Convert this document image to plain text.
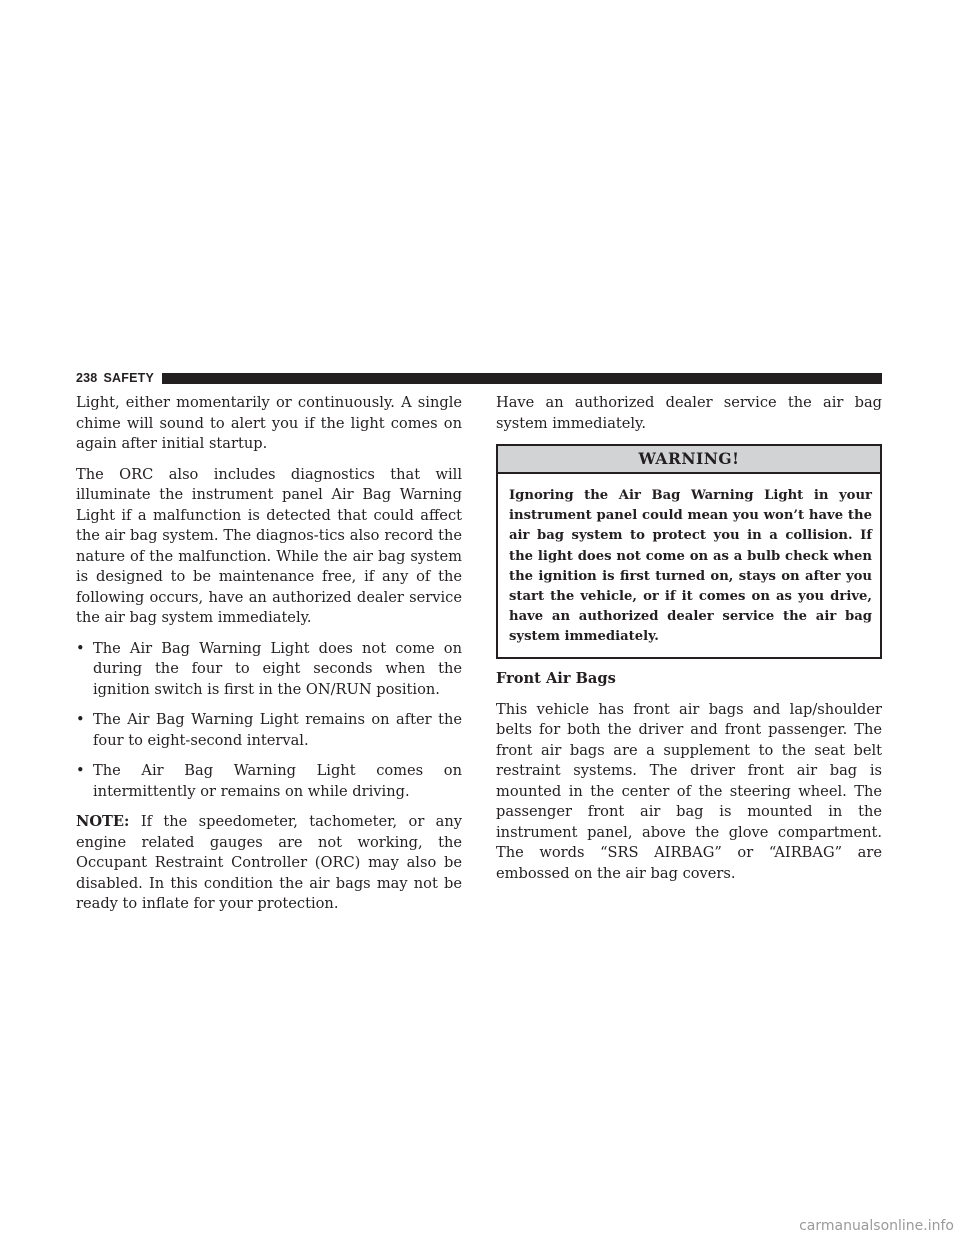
238 SAFETY

Light, either momentarily or continuously. A single chime will sound to alert you if the light comes on again after initial startup.

The ORC also includes diagnostics that will illuminate the instrument panel Air Bag Warning Light if a malfunction is detected that could affect the air bag system. The diagnos-tics also record the nature of the malfunction. While the air bag system is designed to be maintenance free, if any of the following occurs, have an authorized dealer service the air bag system immediately.

• The Air Bag Warning Light does not come on during the four to eight seconds when the ignition switch is first in the ON/RUN position.
• The Air Bag Warning Light remains on after the four to eight-second interval.
• The Air Bag Warning Light comes on intermittently or remains on while driving.

NOTE: If the speedometer, tachometer, or any engine related gauges are not working, the Occupant Restraint Controller (ORC) may also be disabled. In this condition the air bags may not be ready to inflate for your protection.

Have an authorized dealer service the air bag system immediately.

WARNING!
Ignoring the Air Bag Warning Light in your instrument panel could mean you won’t have the air bag system to protect you in a collision. If the light does not come on as a bulb check when the ignition is first turned on, stays on after you start the vehicle, or if it comes on as you drive, have an authorized dealer service the air bag system immediately.
Front Air Bags

This vehicle has front air bags and lap/shoulder belts for both the driver and front passenger. The front air bags are a supplement to the seat belt restraint systems. The driver front air bag is mounted in the center of the steering wheel. The passenger front air bag is mounted in the instrument panel, above the glove compartment. The words “SRS AIRBAG” or “AIRBAG” are embossed on the air bag covers.

carmanualsonline.info
